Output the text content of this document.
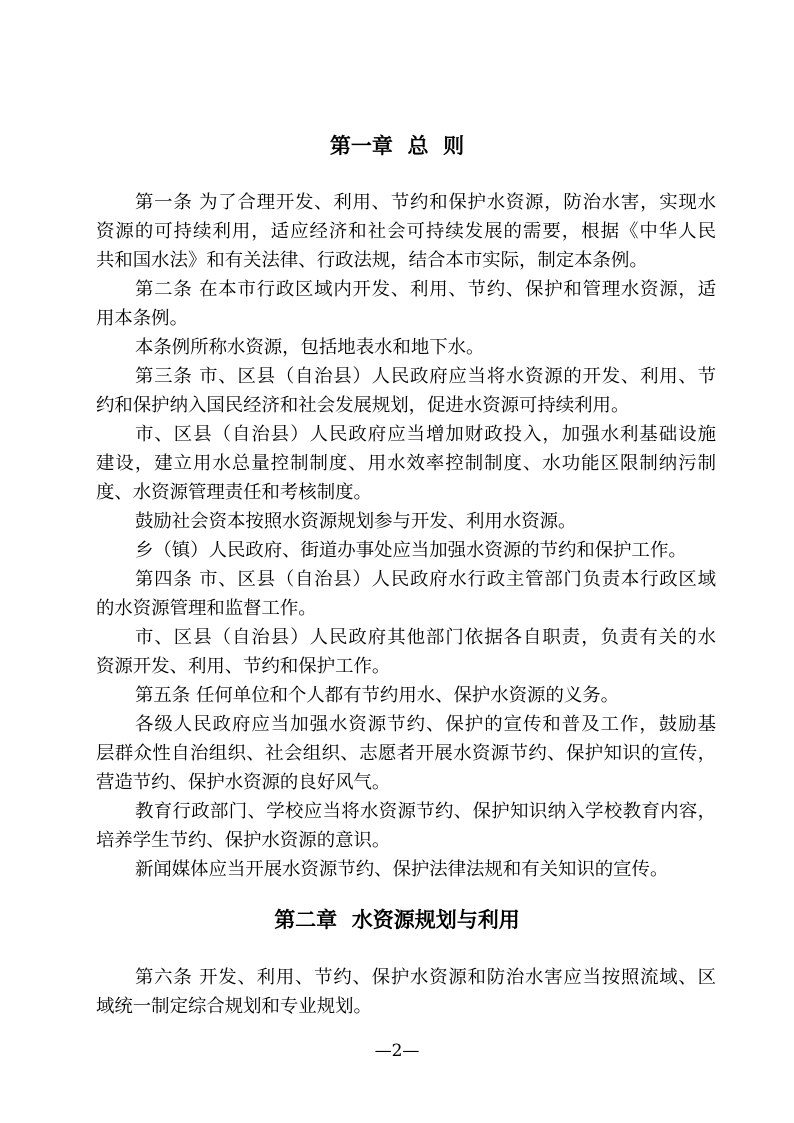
第一章  总  则
第一条 为了合理开发、利用、节约和保护水资源，防治水害，实现水
资源的可持续利用，适应经济和社会可持续发展的需要，根据《中华人民
共和国水法》和有关法律、行政法规，结合本市实际，制定本条例。
第二条 在本市行政区域内开发、利用、节约、保护和管理水资源，适
用本条例。
本条例所称水资源，包括地表水和地下水。
第三条 市、区县（自治县）人民政府应当将水资源的开发、利用、节
约和保护纳入国民经济和社会发展规划，促进水资源可持续利用。
市、区县（自治县）人民政府应当增加财政投入，加强水利基础设施
建设，建立用水总量控制制度、用水效率控制制度、水功能区限制纳污制
度、水资源管理责任和考核制度。
鼓励社会资本按照水资源规划参与开发、利用水资源。
乡（镇）人民政府、街道办事处应当加强水资源的节约和保护工作。
第四条 市、区县（自治县）人民政府水行政主管部门负责本行政区域
的水资源管理和监督工作。
市、区县（自治县）人民政府其他部门依据各自职责，负责有关的水
资源开发、利用、节约和保护工作。
第五条 任何单位和个人都有节约用水、保护水资源的义务。
各级人民政府应当加强水资源节约、保护的宣传和普及工作，鼓励基
层群众性自治组织、社会组织、志愿者开展水资源节约、保护知识的宣传，
营造节约、保护水资源的良好风气。
教育行政部门、学校应当将水资源节约、保护知识纳入学校教育内容，
培养学生节约、保护水资源的意识。
新闻媒体应当开展水资源节约、保护法律法规和有关知识的宣传。
第二章  水资源规划与利用
第六条 开发、利用、节约、保护水资源和防治水害应当按照流域、区
域统一制定综合规划和专业规划。
—2—
